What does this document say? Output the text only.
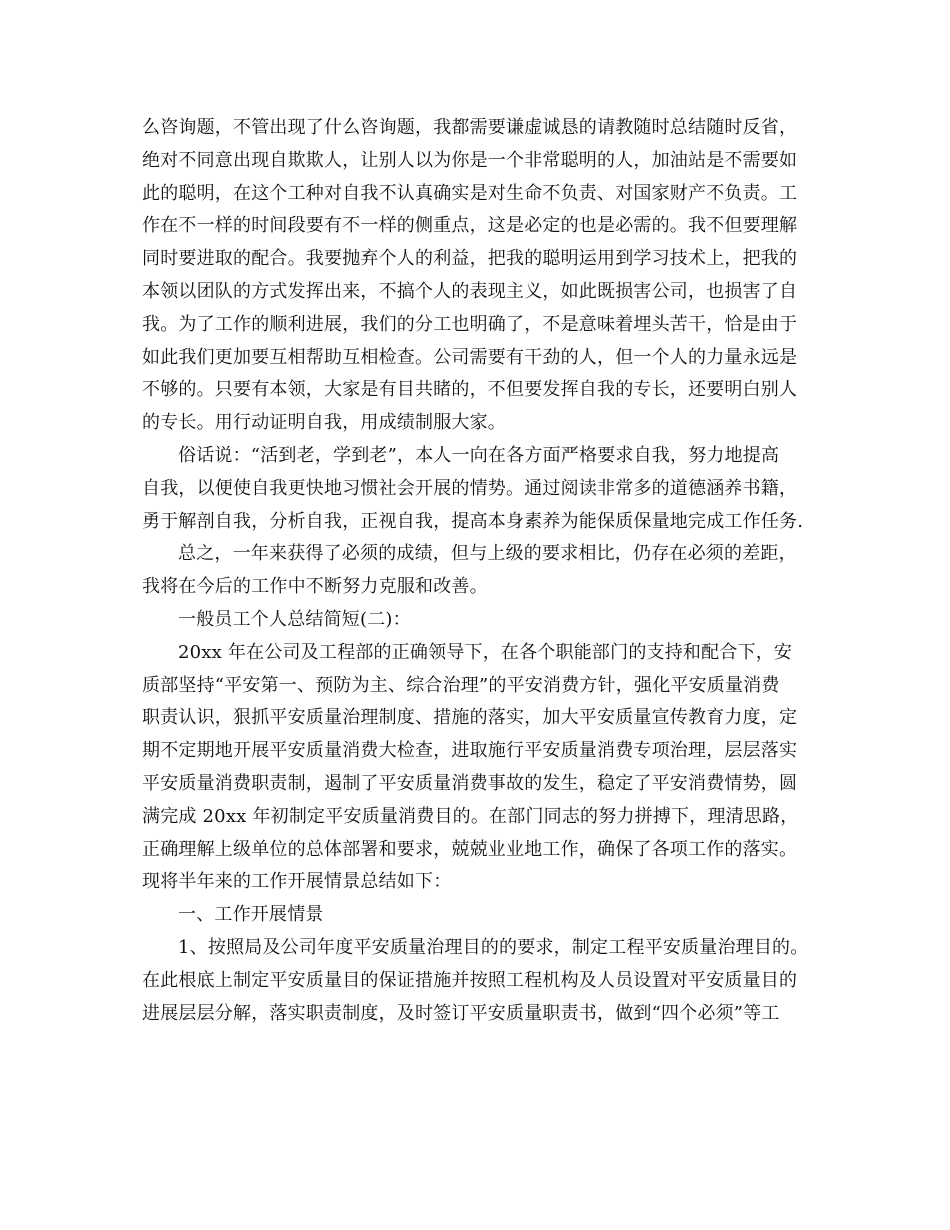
么咨询题，不管出现了什么咨询题，我都需要谦虚诚恳的请教随时总结随时反省，
绝对不同意出现自欺欺人，让别人以为你是一个非常聪明的人，加油站是不需要如
此的聪明，在这个工种对自我不认真确实是对生命不负责、对国家财产不负责。工
作在不一样的时间段要有不一样的侧重点，这是必定的也是必需的。我不但要理解
同时要进取的配合。我要抛弃个人的利益，把我的聪明运用到学习技术上，把我的
本领以团队的方式发挥出来，不搞个人的表现主义，如此既损害公司，也损害了自
我。为了工作的顺利进展，我们的分工也明确了，不是意味着埋头苦干，恰是由于
如此我们更加要互相帮助互相检查。公司需要有干劲的人，但一个人的力量永远是
不够的。只要有本领，大家是有目共睹的，不但要发挥自我的专长，还要明白别人
的专长。用行动证明自我，用成绩制服大家。
俗话说：“活到老，学到老”，本人一向在各方面严格要求自我，努力地提高
自我，以便使自我更快地习惯社会开展的情势。通过阅读非常多的道德涵养书籍，
勇于解剖自我，分析自我，正视自我，提高本身素养为能保质保量地完成工作任务.
总之，一年来获得了必须的成绩，但与上级的要求相比，仍存在必须的差距，
我将在今后的工作中不断努力克服和改善。
一般员工个人总结简短(二)：
20xx 年在公司及工程部的正确领导下，在各个职能部门的支持和配合下，安
质部坚持“平安第一、预防为主、综合治理”的平安消费方针，强化平安质量消费
职责认识，狠抓平安质量治理制度、措施的落实，加大平安质量宣传教育力度，定
期不定期地开展平安质量消费大检查，进取施行平安质量消费专项治理，层层落实
平安质量消费职责制，遏制了平安质量消费事故的发生，稳定了平安消费情势，圆
满完成 20xx 年初制定平安质量消费目的。在部门同志的努力拼搏下，理清思路，
正确理解上级单位的总体部署和要求，兢兢业业地工作，确保了各项工作的落实。
现将半年来的工作开展情景总结如下：
一、工作开展情景
1、按照局及公司年度平安质量治理目的的要求，制定工程平安质量治理目的。
在此根底上制定平安质量目的保证措施并按照工程机构及人员设置对平安质量目的
进展层层分解，落实职责制度，及时签订平安质量职责书，做到“四个必须”等工
